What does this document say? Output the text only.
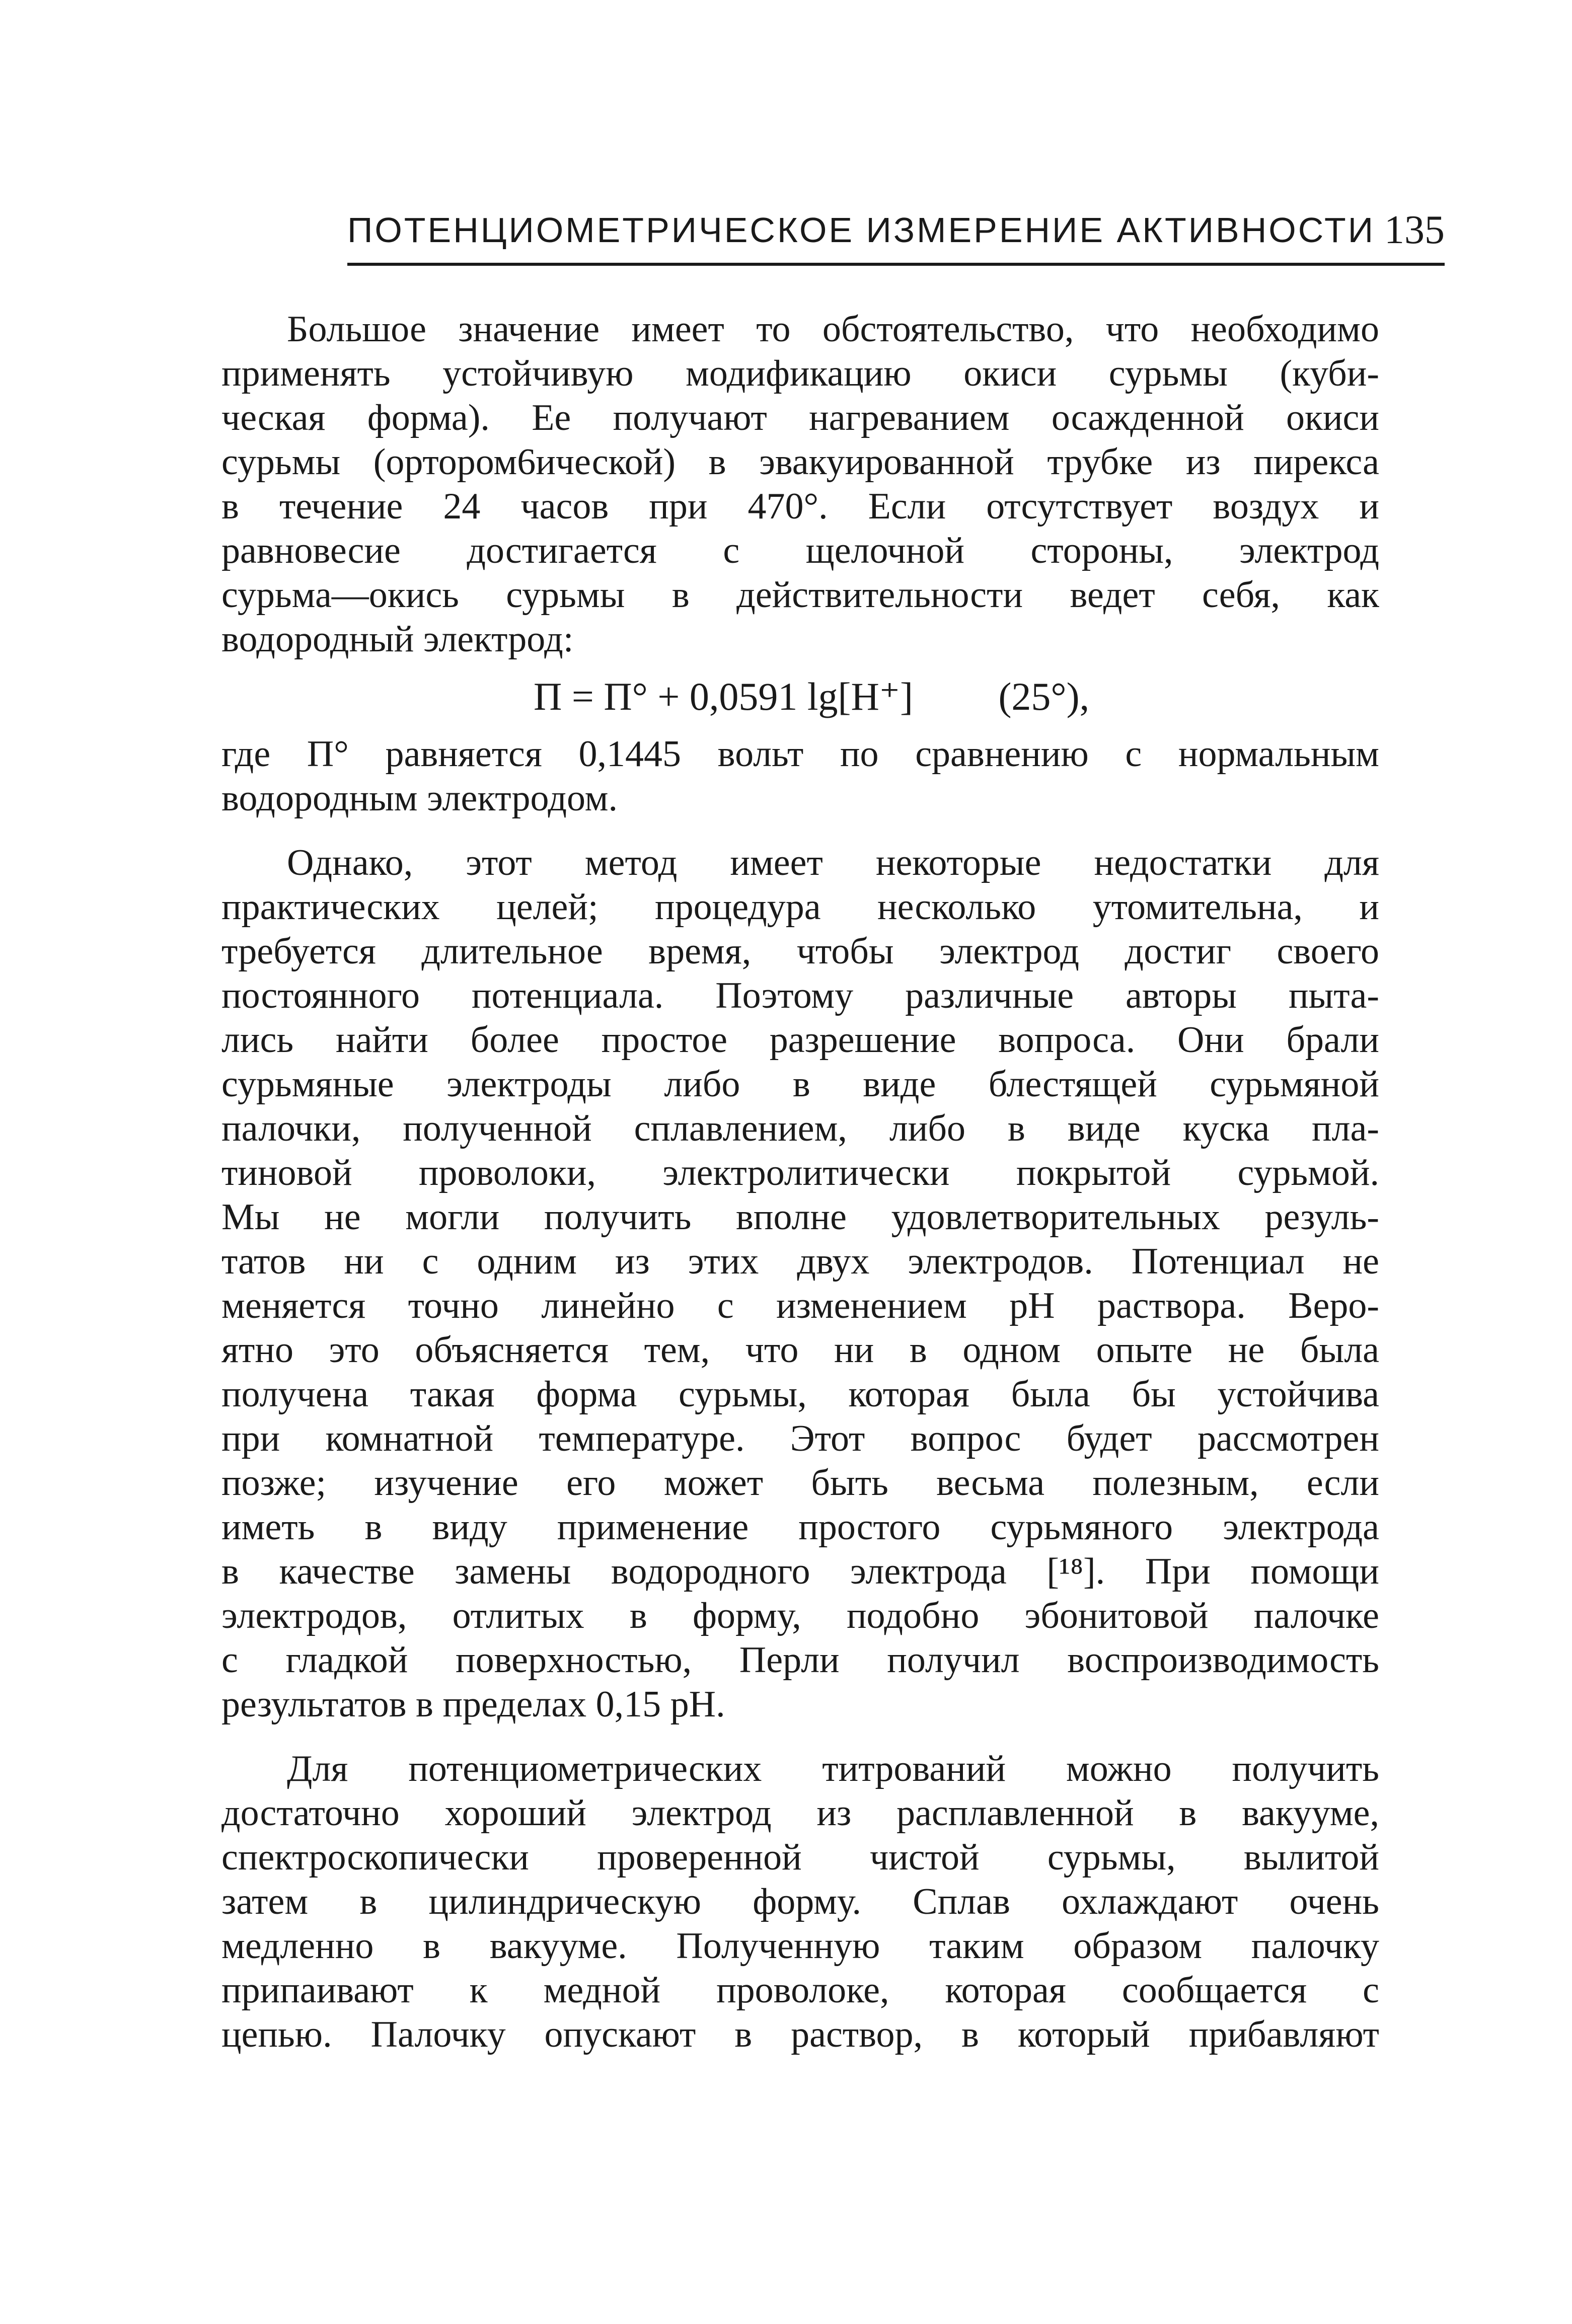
ПОТЕНЦИОМЕТРИЧЕСКОЕ ИЗМЕРЕНИЕ АКТИВНОСТИ 135
Большое значение имеет то обстоятельство, что необходимо
применять устойчивую модификацию окиси сурьмы (куби-
ческая форма). Ее получают нагреванием осажденной окиси
сурьмы (ортором6ической) в эвакуированной трубке из пирекса
в течение 24 часов при 470°. Если отсутствует воздух и
равновесие достигается с щелочной стороны, электрод
сурьма—окись сурьмы в действительности ведет себя, как
водородный электрод:
П = П° + 0,0591 lg[H⁺] (25°),
где П° равняется 0,1445 вольт по сравнению с нормальным
водородным электродом.
Однако, этот метод имеет некоторые недостатки для
практических целей; процедура несколько утомительна, и
требуется длительное время, чтобы электрод достиг своего
постоянного потенциала. Поэтому различные авторы пыта-
лись найти более простое разрешение вопроса. Они брали
сурьмяные электроды либо в виде блестящей сурьмяной
палочки, полученной сплавлением, либо в виде куска пла-
тиновой проволоки, электролитически покрытой сурьмой.
Мы не могли получить вполне удовлетворительных резуль-
татов ни с одним из этих двух электродов. Потенциал не
меняется точно линейно с изменением pH раствора. Веро-
ятно это объясняется тем, что ни в одном опыте не была
получена такая форма сурьмы, которая была бы устойчива
при комнатной температуре. Этот вопрос будет рассмотрен
позже; изучение его может быть весьма полезным, если
иметь в виду применение простого сурьмяного электрода
в качестве замены водородного электрода [¹⁸]. При помощи
электродов, отлитых в форму, подобно эбонитовой палочке
с гладкой поверхностью, Перли получил воспроизводимость
результатов в пределах 0,15 pH.
Для потенциометрических титрований можно получить
достаточно хороший электрод из расплавленной в вакууме,
спектроскопически проверенной чистой сурьмы, вылитой
затем в цилиндрическую форму. Сплав охлаждают очень
медленно в вакууме. Полученную таким образом палочку
припаивают к медной проволоке, которая сообщается с
цепью. Палочку опускают в раствор, в который прибавляют
